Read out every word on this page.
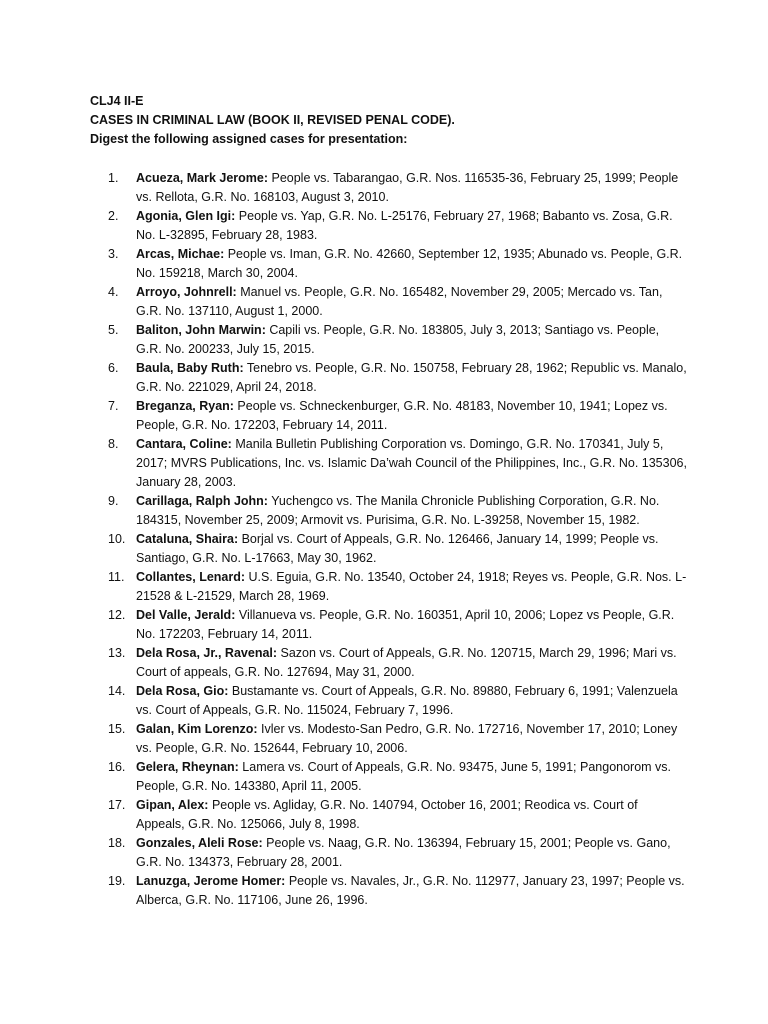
CLJ4 II-E
CASES IN CRIMINAL LAW (BOOK II, REVISED PENAL CODE).
Digest the following assigned cases for presentation:
1.	Acueza, Mark Jerome: People vs. Tabarangao, G.R. Nos. 116535-36, February 25, 1999; People vs. Rellota, G.R. No. 168103, August 3, 2010.
2.	Agonia, Glen Igi: People vs. Yap, G.R. No. L-25176, February 27, 1968; Babanto vs. Zosa, G.R. No. L-32895, February 28, 1983.
3.	Arcas, Michae: People vs. Iman, G.R. No. 42660, September 12, 1935; Abunado vs. People, G.R. No. 159218, March 30, 2004.
4.	Arroyo, Johnrell: Manuel vs. People, G.R. No. 165482, November 29, 2005; Mercado vs. Tan, G.R. No. 137110, August 1, 2000.
5.	Baliton, John Marwin: Capili vs. People, G.R. No. 183805, July 3, 2013; Santiago vs. People, G.R. No. 200233, July 15, 2015.
6.	Baula, Baby Ruth: Tenebro vs. People, G.R. No. 150758, February 28, 1962; Republic vs. Manalo, G.R. No. 221029, April 24, 2018.
7.	Breganza, Ryan: People vs. Schneckenburger, G.R. No. 48183, November 10, 1941; Lopez vs. People, G.R. No. 172203, February 14, 2011.
8.	Cantara, Coline: Manila Bulletin Publishing Corporation vs. Domingo, G.R. No. 170341, July 5, 2017; MVRS Publications, Inc. vs. Islamic Da’wah Council of the Philippines, Inc., G.R. No. 135306, January 28, 2003.
9.	Carillaga, Ralph John: Yuchengco vs. The Manila Chronicle Publishing Corporation, G.R. No. 184315, November 25, 2009; Armovit vs. Purisima, G.R. No. L-39258, November 15, 1982.
10. Cataluna, Shaira: Borjal vs. Court of Appeals, G.R. No. 126466, January 14, 1999; People vs. Santiago, G.R. No. L-17663, May 30, 1962.
11. Collantes, Lenard: U.S. Eguia, G.R. No. 13540, October 24, 1918; Reyes vs. People, G.R. Nos. L-21528 & L-21529, March 28, 1969.
12. Del Valle, Jerald: Villanueva vs. People, G.R. No. 160351, April 10, 2006; Lopez vs People, G.R. No. 172203, February 14, 2011.
13. Dela Rosa, Jr., Ravenal: Sazon vs. Court of Appeals, G.R. No. 120715, March 29, 1996; Mari vs. Court of appeals, G.R. No. 127694, May 31, 2000.
14. Dela Rosa, Gio: Bustamante vs. Court of Appeals, G.R. No. 89880, February 6, 1991; Valenzuela vs. Court of Appeals, G.R. No. 115024, February 7, 1996.
15. Galan, Kim Lorenzo: Ivler vs. Modesto-San Pedro, G.R. No. 172716, November 17, 2010; Loney vs. People, G.R. No. 152644, February 10, 2006.
16. Gelera, Rheynan: Lamera vs. Court of Appeals, G.R. No. 93475, June 5, 1991; Pangonorom vs. People, G.R. No. 143380, April 11, 2005.
17. Gipan, Alex: People vs. Agliday, G.R. No. 140794, October 16, 2001; Reodica vs. Court of Appeals, G.R. No. 125066, July 8, 1998.
18. Gonzales, Aleli Rose: People vs. Naag, G.R. No. 136394, February 15, 2001; People vs. Gano, G.R. No. 134373, February 28, 2001.
19. Lanuzga, Jerome Homer: People vs. Navales, Jr., G.R. No. 112977, January 23, 1997; People vs. Alberca, G.R. No. 117106, June 26, 1996.
